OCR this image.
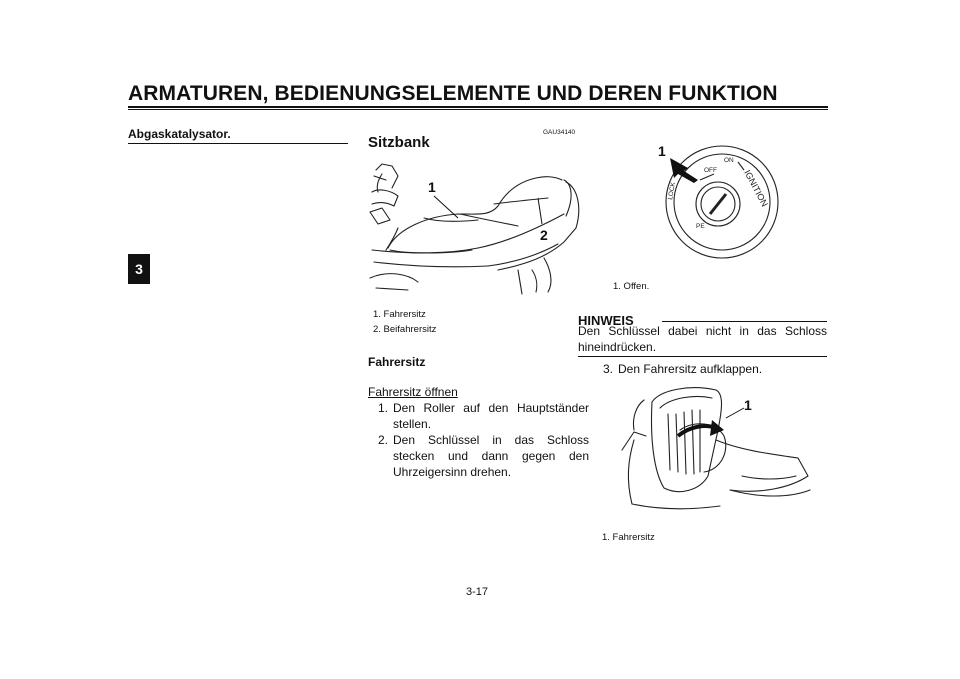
ARMATUREN, BEDIENUNGSELEMENTE UND DEREN FUNKTION
3
Abgaskatalysator.	GAU34140
Sitzbank
1
2
1. Fahrersitz
2. Beifahrersitz
Fahrersitz
Fahrersitz öffnen
1. Den Roller auf den Hauptständer stellen.
2. Den Schlüssel in das Schloss stecken und dann gegen den Uhrzeigersinn drehen.
1
ON
OFF
PE
IGNITION
LOCK
1. Offen.
HINWEIS
Den Schlüssel dabei nicht in das Schloss hineindrücken.
3. Den Fahrersitz aufklappen.
1
1. Fahrersitz
3-17
